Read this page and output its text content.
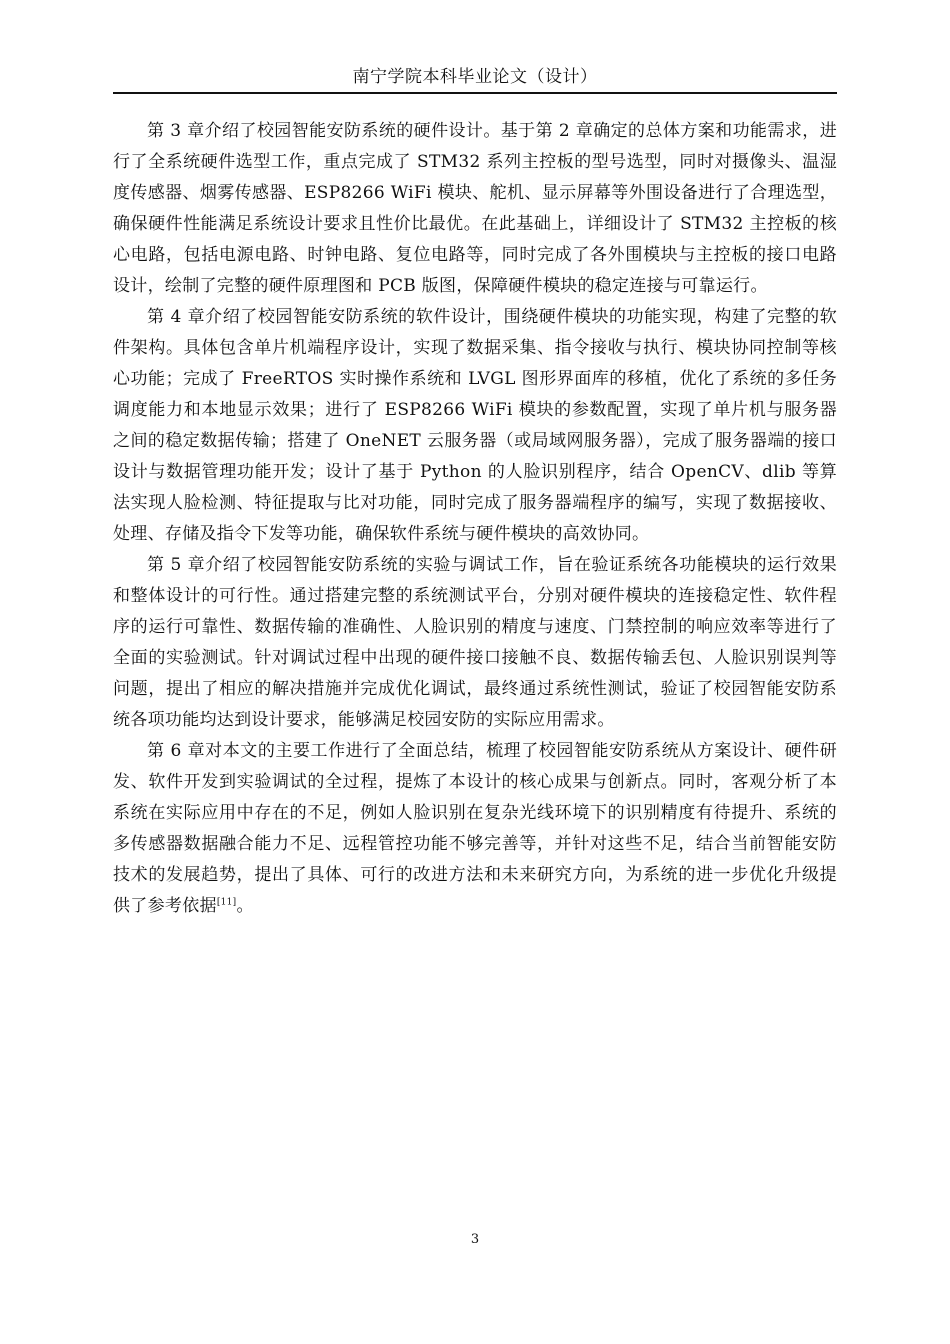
南宁学院本科毕业论文（设计）

第 3 章介绍了校园智能安防系统的硬件设计。基于第 2 章确定的总体方案和功能需求，进行了全系统硬件选型工作，重点完成了 STM32 系列主控板的型号选型，同时对摄像头、温湿度传感器、烟雾传感器、ESP8266 WiFi 模块、舵机、显示屏幕等外围设备进行了合理选型，确保硬件性能满足系统设计要求且性价比最优。在此基础上，详细设计了 STM32 主控板的核心电路，包括电源电路、时钟电路、复位电路等，同时完成了各外围模块与主控板的接口电路设计，绘制了完整的硬件原理图和 PCB 版图，保障硬件模块的稳定连接与可靠运行。

第 4 章介绍了校园智能安防系统的软件设计，围绕硬件模块的功能实现，构建了完整的软件架构。具体包含单片机端程序设计，实现了数据采集、指令接收与执行、模块协同控制等核心功能；完成了 FreeRTOS 实时操作系统和 LVGL 图形界面库的移植，优化了系统的多任务调度能力和本地显示效果；进行了 ESP8266 WiFi 模块的参数配置，实现了单片机与服务器之间的稳定数据传输；搭建了 OneNET 云服务器（或局域网服务器），完成了服务器端的接口设计与数据管理功能开发；设计了基于 Python 的人脸识别程序，结合 OpenCV、dlib 等算法实现人脸检测、特征提取与比对功能，同时完成了服务器端程序的编写，实现了数据接收、处理、存储及指令下发等功能，确保软件系统与硬件模块的高效协同。

第 5 章介绍了校园智能安防系统的实验与调试工作，旨在验证系统各功能模块的运行效果和整体设计的可行性。通过搭建完整的系统测试平台，分别对硬件模块的连接稳定性、软件程序的运行可靠性、数据传输的准确性、人脸识别的精度与速度、门禁控制的响应效率等进行了全面的实验测试。针对调试过程中出现的硬件接口接触不良、数据传输丢包、人脸识别误判等问题，提出了相应的解决措施并完成优化调试，最终通过系统性测试，验证了校园智能安防系统各项功能均达到设计要求，能够满足校园安防的实际应用需求。

第 6 章对本文的主要工作进行了全面总结，梳理了校园智能安防系统从方案设计、硬件研发、软件开发到实验调试的全过程，提炼了本设计的核心成果与创新点。同时，客观分析了本系统在实际应用中存在的不足，例如人脸识别在复杂光线环境下的识别精度有待提升、系统的多传感器数据融合能力不足、远程管控功能不够完善等，并针对这些不足，结合当前智能安防技术的发展趋势，提出了具体、可行的改进方法和未来研究方向，为系统的进一步优化升级提供了参考依据[11]。

3
